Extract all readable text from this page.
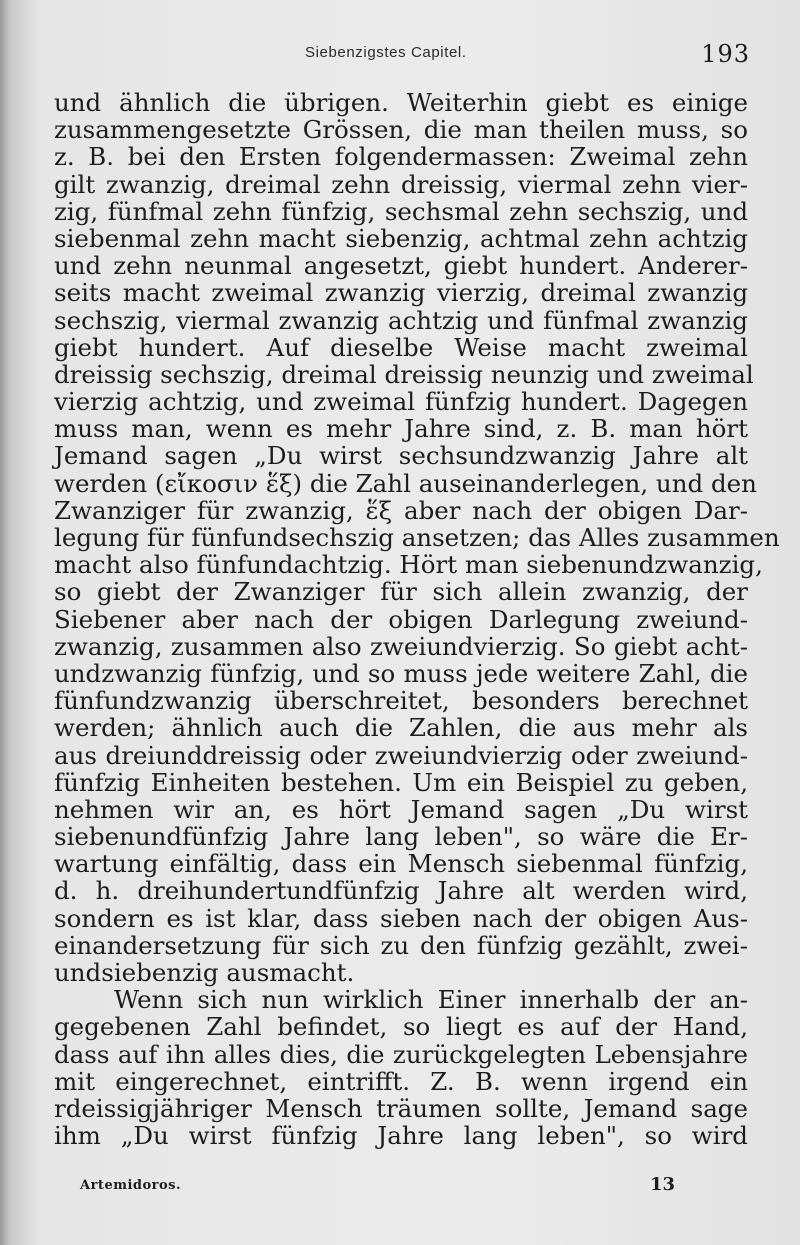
Siebenzigstes Capitel.	193
und ähnlich die übrigen. Weiterhin giebt es einige
zusammengesetzte Grössen, die man theilen muss, so
z. B. bei den Ersten folgendermassen: Zweimal zehn
gilt zwanzig, dreimal zehn dreissig, viermal zehn vier-
zig, fünfmal zehn fünfzig, sechsmal zehn sechszig, und
siebenmal zehn macht siebenzig, achtmal zehn achtzig
und zehn neunmal angesetzt, giebt hundert. Anderer-
seits macht zweimal zwanzig vierzig, dreimal zwanzig
sechszig, viermal zwanzig achtzig und fünfmal zwanzig
giebt hundert. Auf dieselbe Weise macht zweimal
dreissig sechszig, dreimal dreissig neunzig und zweimal
vierzig achtzig, und zweimal fünfzig hundert. Dagegen
muss man, wenn es mehr Jahre sind, z. B. man hört
Jemand sagen „Du wirst sechsundzwanzig Jahre alt
werden (εἴκοσιν ἕξ) die Zahl auseinanderlegen, und den
Zwanziger für zwanzig, ἕξ aber nach der obigen Dar-
legung für fünfundsechszig ansetzen; das Alles zusammen
macht also fünfundachtzig. Hört man siebenundzwanzig,
so giebt der Zwanziger für sich allein zwanzig, der
Siebener aber nach der obigen Darlegung zweiund-
zwanzig, zusammen also zweiundvierzig. So giebt acht-
undzwanzig fünfzig, und so muss jede weitere Zahl, die
fünfundzwanzig überschreitet, besonders berechnet
werden; ähnlich auch die Zahlen, die aus mehr als
aus dreiunddreissig oder zweiundvierzig oder zweiund-
fünfzig Einheiten bestehen. Um ein Beispiel zu geben,
nehmen wir an, es hört Jemand sagen „Du wirst
siebenundfünfzig Jahre lang leben", so wäre die Er-
wartung einfältig, dass ein Mensch siebenmal fünfzig,
d. h. dreihundertundfünfzig Jahre alt werden wird,
sondern es ist klar, dass sieben nach der obigen Aus-
einandersetzung für sich zu den fünfzig gezählt, zwei-
undsiebenzig ausmacht.
Wenn sich nun wirklich Einer innerhalb der an-
gegebenen Zahl befindet, so liegt es auf der Hand,
dass auf ihn alles dies, die zurückgelegten Lebensjahre
mit eingerechnet, eintrifft. Z. B. wenn irgend ein
rdeissigjähriger Mensch träumen sollte, Jemand sage
ihm „Du wirst fünfzig Jahre lang leben", so wird
Artemidoros.	13
